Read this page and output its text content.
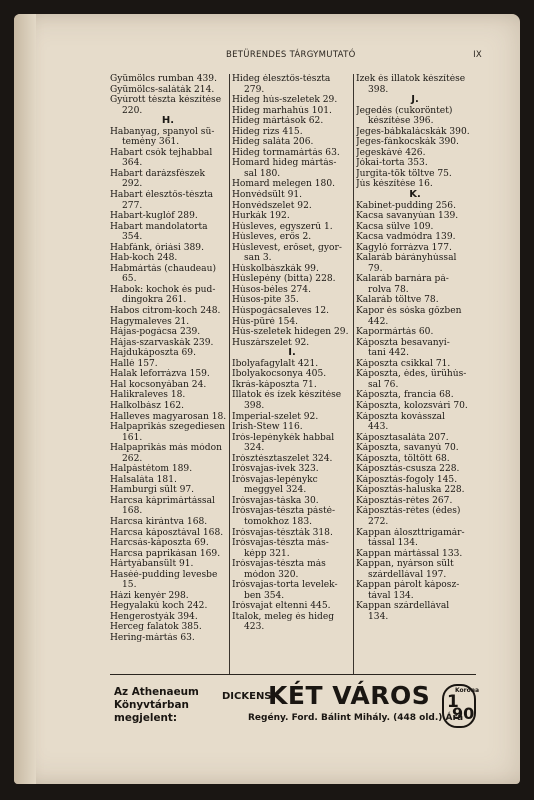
BETÜRENDES TÁRGYMUTATÓ	IX
Gyümölcs rumban 439.
Gyümölcs-saláták 214.
Gyúrott tészta készítése
220.
H.
Habanyag, spanyol sü-
temény 361.
Habart csók tejhabbal
364.
Habart darázsfészek
292.
Habart élesztős-tészta
277.
Habart-kuglóf 289.
Habart mandolatorta
354.
Habfánk, óriási 389.
Hab-koch 248.
Habmártás (chaudeau)
65.
Habok: kochok és pud-
dingokra 261.
Habos citrom-koch 248.
Hagymaleves 21.
Hájas-pogácsa 239.
Hájas-szarvaskák 239.
Hajdukáposzta 69.
Hallé 157.
Halak leforrázva 159.
Hal kocsonyában 24.
Halikraleves 18.
Halkolbász 162.
Halleves magyarosan 18.
Halpaprikás szegediesen
161.
Halpaprikás más módon
262.
Halpástétom 189.
Halsaláta 181.
Hamburgi sült 97.
Harcsa káprimártással
168.
Harcsa kirántva 168.
Harcsa káposztával 168.
Harcsás-káposzta 69.
Harcsa paprikásan 169.
Hártyábansült 91.
Haséé-pudding levesbe
15.
Házi kenyér 298.
Hegyalakú koch 242.
Hengerostyák 394.
Herceg falatok 385.
Hering-mártás 63.
Hideg élesztős-tészta
279.
Hideg hús-szeletek 29.
Hideg marhahús 101.
Hideg mártások 62.
Hideg rizs 415.
Hideg saláta 206.
Hideg tormamártás 63.
Homard hideg mártás-
sal 180.
Homard melegen 180.
Honvédsült 91.
Honvédszelet 92.
Hurkák 192.
Húsleves, egyszerű 1.
Húsleves, erős 2.
Húslevest, erőset, gyor-
san 3.
Húskolbászkák 99.
Húslepény (bitta) 228.
Húsos-béles 274.
Húsos-pite 35.
Húspogácsaleves 12.
Hús-püré 154.
Hús-szeletek hidegen 29.
Huszárszelet 92.
I.
Ibolyafagylalt 421.
Ibolyakocsonya 405.
Ikrás-káposzta 71.
Illatok és ízek készítése
398.
Imperial-szelet 92.
Irish-Stew 116.
Irós-lepénykék habbal
324.
Irósztésztaszelet 324.
Irósvajas-ivek 323.
Irósvajas-lepénykc
meggyel 324.
Irósvajas-táska 30.
Irósvajas-tészta pásté-
tomokhoz 183.
Irósvajas-tészták 318.
Irósvajas-tészta más-
képp 321.
Irósvajas-tészta más
módon 320.
Irósvajas-torta levelek-
ben 354.
Irósvajat eltenni 445.
Italok, meleg és hideg
423.
Izek és illatok készítése
398.
J.
Jegedés (cukoröntet)
készítése 396.
Jeges-bábkalácskák 390.
Jeges-fánkocskák 390.
Jegeskávé 426.
Jókai-torta 353.
Jurgita-tök töltve 75.
Jús készítése 16.
K.
Kabinet-pudding 256.
Kacsa savanyúan 139.
Kacsa sülve 109.
Kacsa vadmódra 139.
Kagyló forrázva 177.
Kalaráb bárányhússal
79.
Kalaráb barnára pá-
rolva 78.
Kalaráb töltve 78.
Kapor és sóska gőzben
442.
Kapormártás 60.
Káposzta besavanyí-
tani 442.
Káposzta csikkal 71.
Káposzta, édes, ürühús-
sal 76.
Káposzta, francia 68.
Káposzta, kolozsvári 70.
Káposzta kovásszal
443.
Káposztasaláta 207.
Káposzta, savanyú 70.
Káposzta, töltött 68.
Káposztás-csusza 228.
Káposztás-fogoly 145.
Káposztás-haluska 228.
Káposztás-rétes 267.
Káposztás-rétes (édes)
272.
Kappan áloszttrigamár-
tással 134.
Kappan mártással 133.
Kappan, nyárson sült
szárdellával 197.
Kappan párolt káposz-
tával 134.
Kappan szárdellával
134.
Az Athenaeum
Könyvtárban
megjelent:
DICKENS:
KÉT VÁROS
Regény. Ford. Bálint Mihály. (448 old.) Ára
1
Korona
90
